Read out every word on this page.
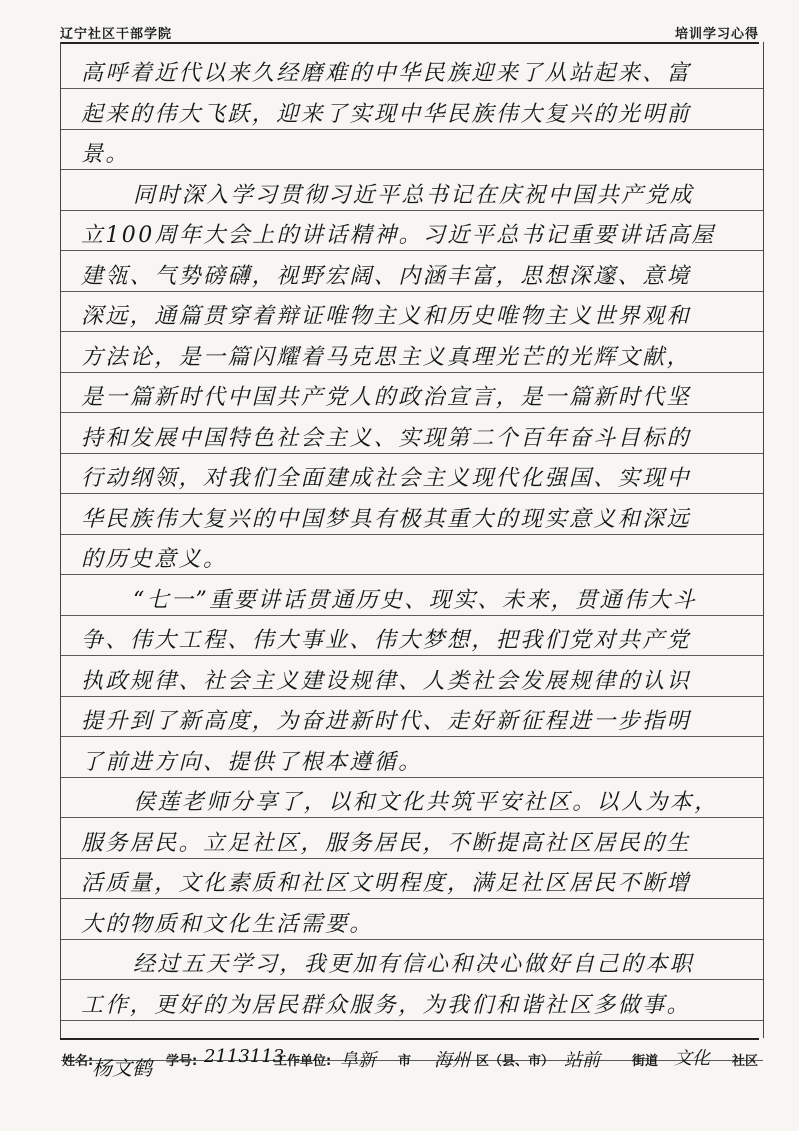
辽宁社区干部学院	培训学习心得
高呼着近代以来久经磨难的中华民族迎来了从站起来、富
起来的伟大飞跃，迎来了实现中华民族伟大复兴的光明前
景。
同时深入学习贯彻习近平总书记在庆祝中国共产党成
立100周年大会上的讲话精神。习近平总书记重要讲话高屋
建瓴、气势磅礴，视野宏阔、内涵丰富，思想深邃、意境
深远，通篇贯穿着辩证唯物主义和历史唯物主义世界观和
方法论，是一篇闪耀着马克思主义真理光芒的光辉文献，
是一篇新时代中国共产党人的政治宣言，是一篇新时代坚
持和发展中国特色社会主义、实现第二个百年奋斗目标的
行动纲领，对我们全面建成社会主义现代化强国、实现中
华民族伟大复兴的中国梦具有极其重大的现实意义和深远
的历史意义。
“七一”重要讲话贯通历史、现实、未来，贯通伟大斗
争、伟大工程、伟大事业、伟大梦想，把我们党对共产党
执政规律、社会主义建设规律、人类社会发展规律的认识
提升到了新高度，为奋进新时代、走好新征程进一步指明
了前进方向、提供了根本遵循。
侯莲老师分享了，以和文化共筑平安社区。以人为本，
服务居民。立足社区，服务居民，不断提高社区居民的生
活质量，文化素质和社区文明程度，满足社区居民不断增
大的物质和文化生活需要。
经过五天学习，我更加有信心和决心做好自己的本职
工作，更好的为居民群众服务，为我们和谐社区多做事。
姓名:
杨文鹤 学号: 2113113
工作单位: 阜新 市 海州 区（县、市） 站前 街道 文化 社区
